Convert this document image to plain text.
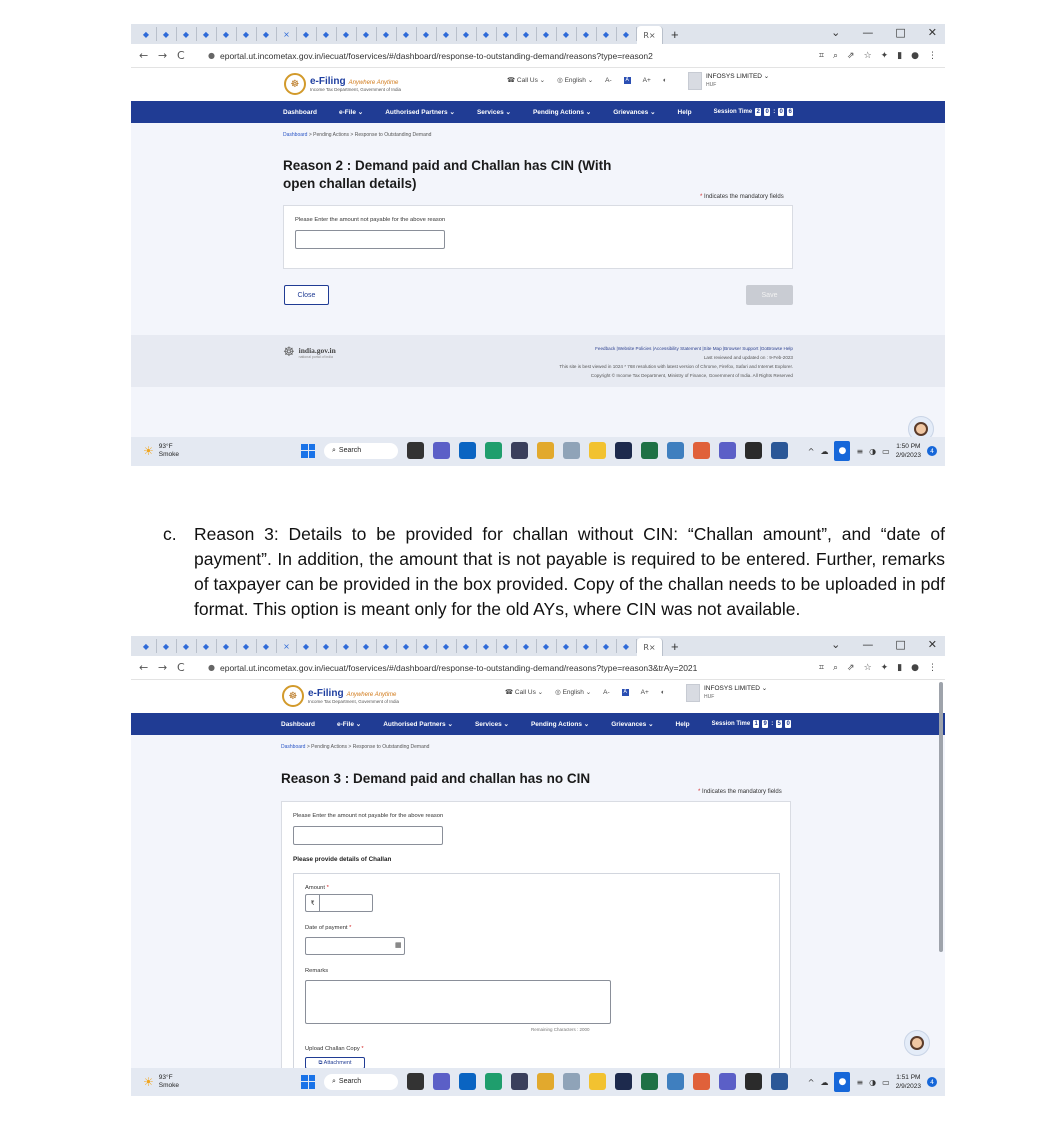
◆ ◆ ◆ ◆ ◆ ◆ ◆ × ◆ ◆ ◆ ◆ ◆ ◆ ◆ ◆ ◆ ◆ ◆ ◆ ◆ ◆ ◆ ◆ ◆ R × +	⌄ — □ ✕
← → C	● eportal.ut.incometax.gov.in/iecuat/foservices/#/dashboard/response-to-outstanding-demand/reasons?type=reason2	⌗ ⌕ ⇗ ☆ ✦ ▮ ● ⋮
☸	e-Filing Anywhere Anytime
Income Tax Department, Government of India
☎ Call Us ⌄ ◎ English ⌄ A-	A A+ ◐	INFOSYS LIMITED ⌄
HUF
Dashboard	e-File ⌄	Authorised Partners ⌄	Services ⌄	Pending Actions ⌄	Grievances ⌄	Help	Session Time 2 0 : 0 6
Dashboard > Pending Actions > Response to Outstanding Demand
Reason 2 : Demand paid and Challan has CIN (With
open challan details)
* Indicates the mandatory fields
Please Enter the amount not payable for the above reason
Close	Save
☸ india.gov.in
national portal of india
Feedback |Website Policies |Accessibility Statement |Site Map |Browser Support |GoBrowse Help
Last reviewed and updated on : 9-Feb-2023
This site is best viewed in 1024 * 768 resolution with latest version of Chrome, Firefox, Safari and Internet Explorer.
Copyright © Income Tax Department, Ministry of Finance, Government of India. All Rights Reserved
☀ 93°F
Smoke
⌕ Search	^ ☁	●	≡ ◑ ▭ 1:50 PM
2/9/2023
4
c. Reason 3: Details to be provided for challan without CIN: “Challan amount”, and “date of payment”. In addition, the amount that is not payable is required to be entered. Further, remarks of taxpayer can be provided in the box provided. Copy of the challan needs to be uploaded in pdf format. This option is meant only for the old AYs, where CIN was not available.
◆ ◆ ◆ ◆ ◆ ◆ ◆ × ◆ ◆ ◆ ◆ ◆ ◆ ◆ ◆ ◆ ◆ ◆ ◆ ◆ ◆ ◆ ◆ ◆ R × +	⌄ — □ ✕
← → C	● eportal.ut.incometax.gov.in/iecuat/foservices/#/dashboard/response-to-outstanding-demand/reasons?type=reason3&trAy=2021	⌗ ⌕ ⇗ ☆ ✦ ▮ ● ⋮
☸	e-Filing Anywhere Anytime
Income Tax Department, Government of India
☎ Call Us ⌄ ◎ English ⌄ A-	A A+ ◐	INFOSYS LIMITED ⌄
HUF
Dashboard	e-File ⌄	Authorised Partners ⌄	Services ⌄	Pending Actions ⌄	Grievances ⌄	Help	Session Time 1 9 : 5 0
Dashboard > Pending Actions > Response to Outstanding Demand
Reason 3 : Demand paid and challan has no CIN
* Indicates the mandatory fields
Please Enter the amount not payable for the above reason
Please provide details of Challan
Amount *
₹
Date of payment *
▦
Remarks
Remaining Characters : 2000
Upload Challan Copy *
⧉ Attachment
☀ 93°F
Smoke
⌕ Search	^ ☁	●	≡ ◑ ▭ 1:51 PM
2/9/2023
4
